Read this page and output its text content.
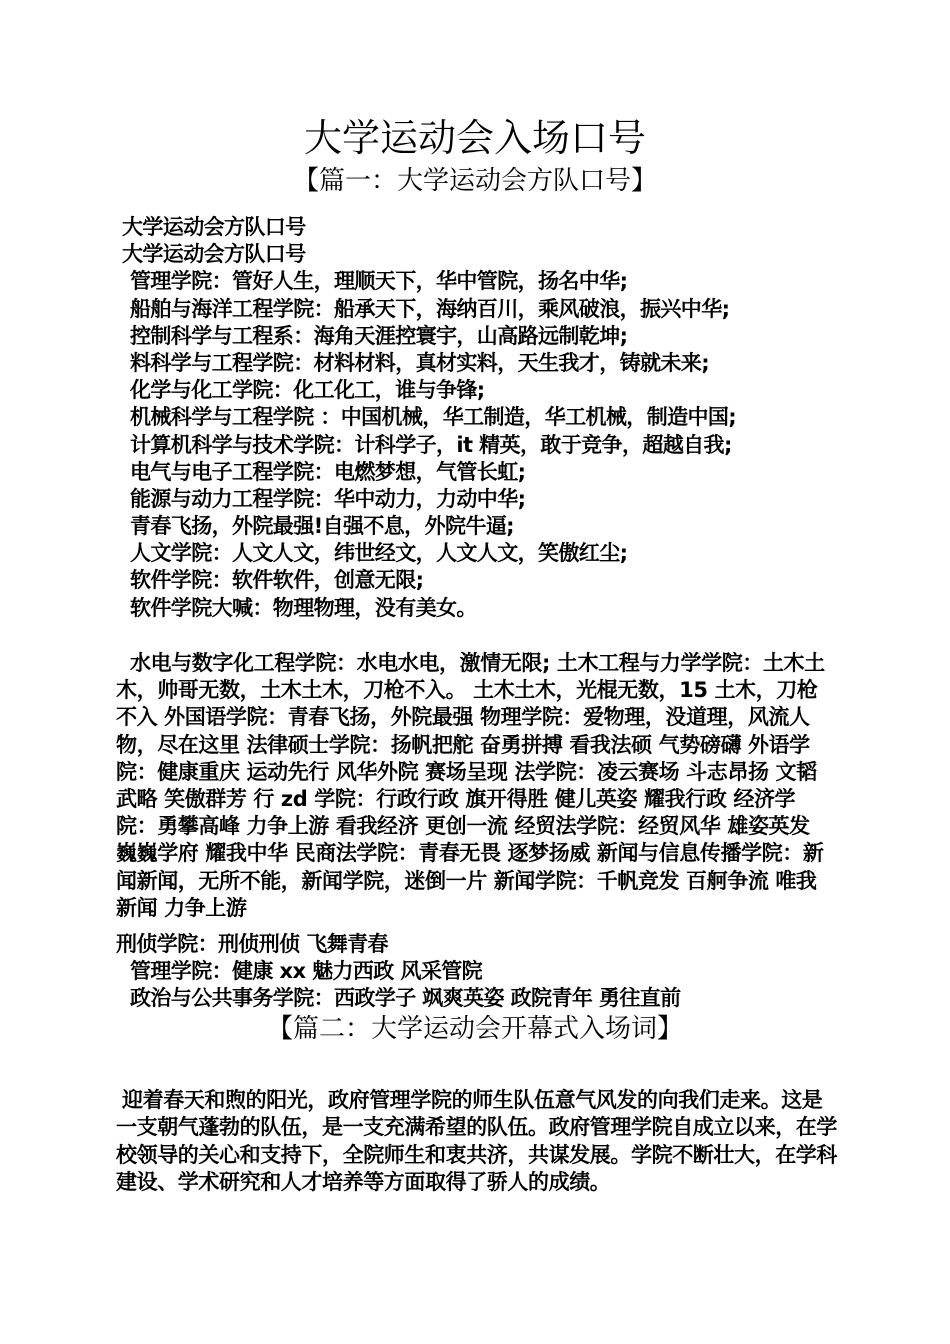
大学运动会入场口号
【篇一：大学运动会方队口号】
大学运动会方队口号
大学运动会方队口号
管理学院：管好人生，理顺天下，华中管院，扬名中华;
船舶与海洋工程学院：船承天下，海纳百川，乘风破浪，振兴中华;
控制科学与工程系：海角天涯控寰宇，山高路远制乾坤;
料科学与工程学院：材料材料，真材实料，天生我才，铸就未来;
化学与化工学院：化工化工，谁与争锋;
机械科学与工程学院 ：中国机械，华工制造，华工机械，制造中国;
计算机科学与技术学院：计科学子，it 精英，敢于竞争，超越自我;
电气与电子工程学院：电燃梦想，气管长虹;
能源与动力工程学院：华中动力，力动中华;
青春飞扬，外院最强!自强不息，外院牛逼;
人文学院：人文人文，纬世经文，人文人文，笑傲红尘;
软件学院：软件软件，创意无限;
软件学院大喊：物理物理，没有美女。

水电与数字化工程学院：水电水电，激情无限; 土木工程与力学学院：土木土木，帅哥无数，土木土木，刀枪不入。 土木土木，光棍无数，15 土木，刀枪不入 外国语学院：青春飞扬，外院最强 物理学院：爱物理，没道理，风流人物，尽在这里 法律硕士学院：扬帆把舵 奋勇拼搏 看我法硕 气势磅礴 外语学院：健康重庆 运动先行 风华外院 赛场呈现 法学院：凌云赛场 斗志昂扬 文韬武略 笑傲群芳 行 zd 学院：行政行政 旗开得胜 健儿英姿 耀我行政 经济学院：勇攀高峰 力争上游 看我经济 更创一流 经贸法学院：经贸风华 雄姿英发 巍巍学府 耀我中华 民商法学院：青春无畏 逐梦扬威 新闻与信息传播学院：新闻新闻，无所不能，新闻学院，迷倒一片 新闻学院：千帆竞发 百舸争流 唯我新闻 力争上游

刑侦学院：刑侦刑侦 飞舞青春
管理学院：健康 xx 魅力西政 风采管院
政治与公共事务学院：西政学子 飒爽英姿 政院青年 勇往直前
【篇二：大学运动会开幕式入场词】

迎着春天和煦的阳光，政府管理学院的师生队伍意气风发的向我们走来。这是一支朝气蓬勃的队伍，是一支充满希望的队伍。政府管理学院自成立以来，在学校领导的关心和支持下，全院师生和衷共济，共谋发展。学院不断壮大，在学科建设、学术研究和人才培养等方面取得了骄人的成绩。
